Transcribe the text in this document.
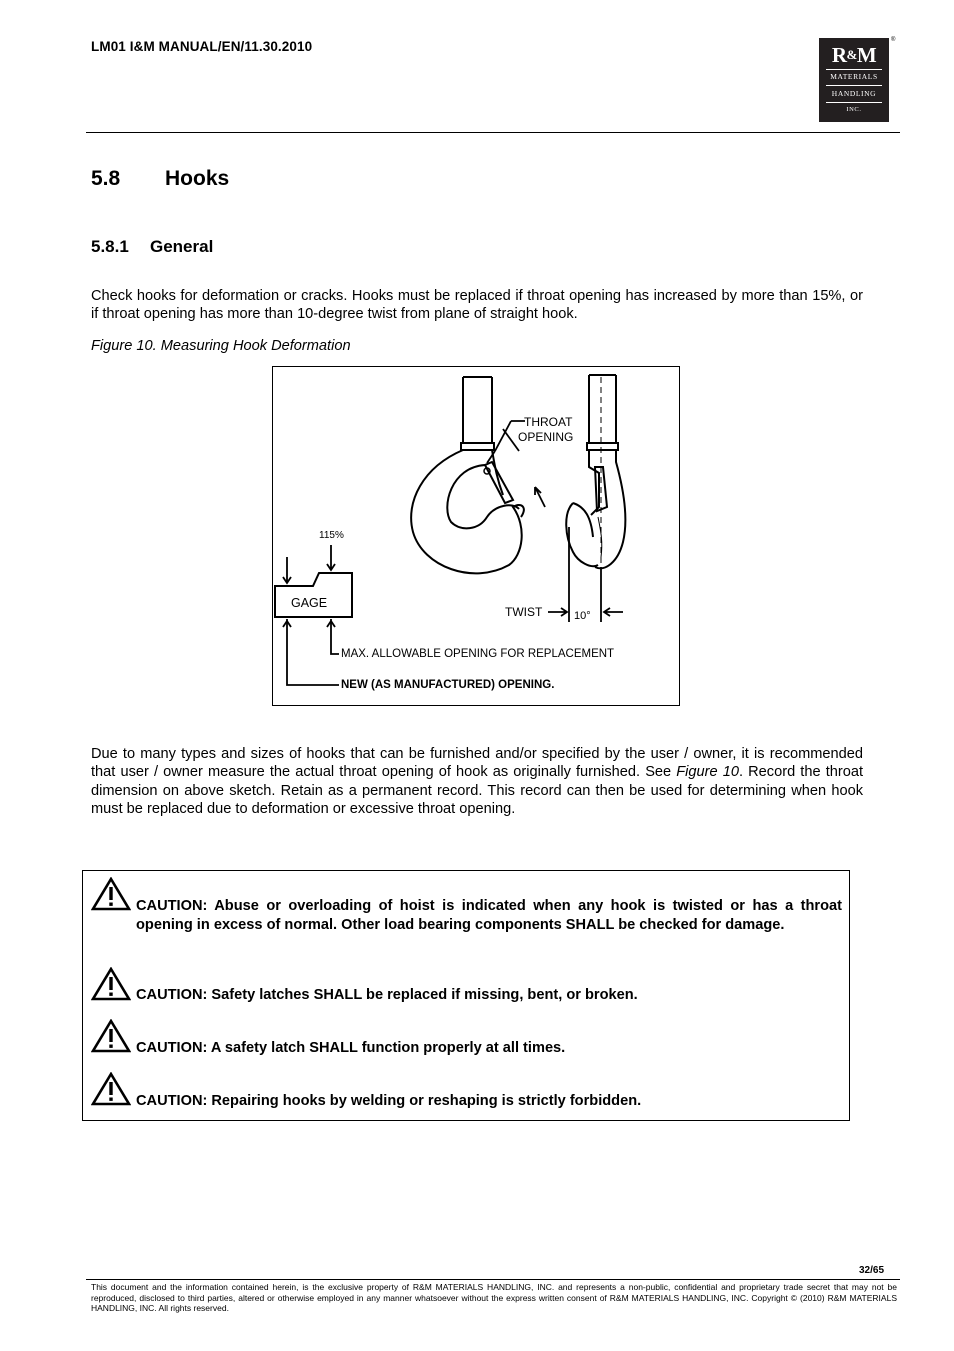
LM01 I&M MANUAL/EN/11.30.2010	R&M
MATERIALS
HANDLING
INC.
®
5.8 Hooks
5.8.1 General
Check hooks for deformation or cracks. Hooks must be replaced if throat opening has increased by more than 15%, or if throat opening has more than 10-degree twist from plane of straight hook.
Figure 10. Measuring Hook Deformation
THROAT
OPENING
TWIST	10°
115%
GAGE
MAX. ALLOWABLE OPENING FOR REPLACEMENT
NEW (AS MANUFACTURED) OPENING.
Due to many types and sizes of hooks that can be furnished and/or specified by the user / owner, it is recommended that user / owner measure the actual throat opening of hook as originally furnished. See Figure 10. Record the throat dimension on above sketch. Retain as a permanent record. This record can then be used for determining when hook must be replaced due to deformation or excessive throat opening.
CAUTION: Abuse or overloading of hoist is indicated when any hook is twisted or has a throat opening in excess of normal. Other load bearing components SHALL be checked for damage.
CAUTION: Safety latches SHALL be replaced if missing, bent, or broken.
CAUTION: A safety latch SHALL function properly at all times.
CAUTION: Repairing hooks by welding or reshaping is strictly forbidden.
32/65
This document and the information contained herein, is the exclusive property of R&M MATERIALS HANDLING, INC. and represents a non-public, confidential and proprietary trade secret that may not be reproduced, disclosed to third parties, altered or otherwise employed in any manner whatsoever without the express written consent of R&M MATERIALS HANDLING, INC. Copyright © (2010) R&M MATERIALS HANDLING, INC. All rights reserved.
